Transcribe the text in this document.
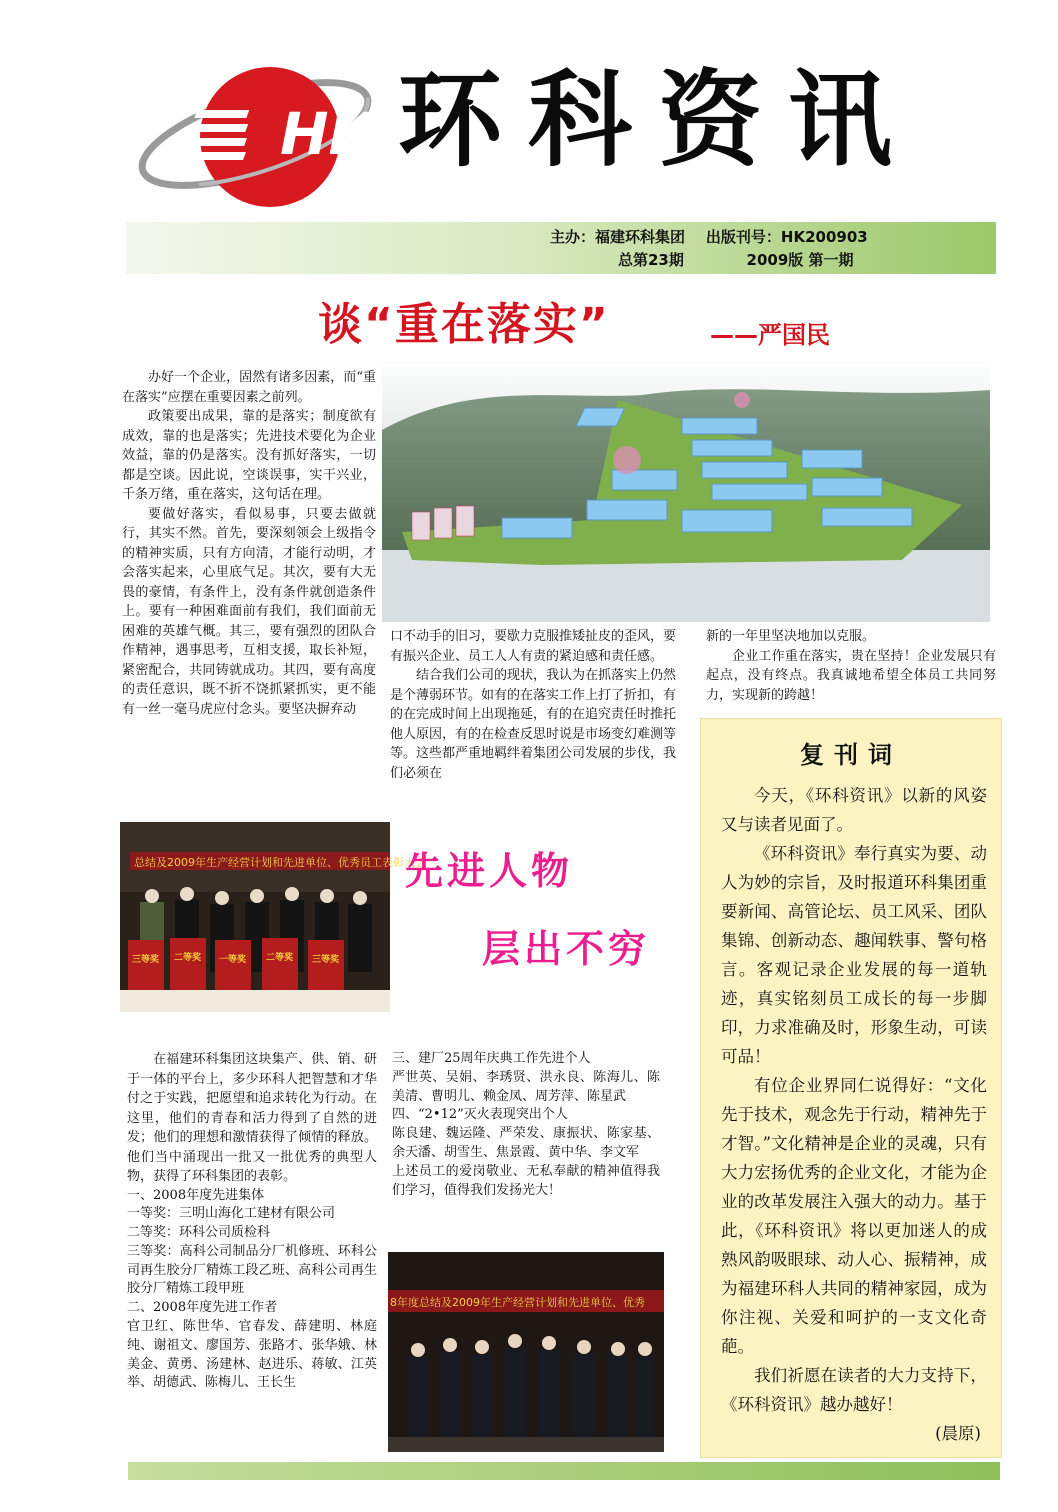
HK 环科资讯
主办：福建环科集团    出版刊号：HK200903
总第23期            2009版 第一期
谈“重在落实”	——严国民

办好一个企业，固然有诸多因素，而“重在落实”应摆在重要因素之前列。

政策要出成果，靠的是落实；制度欲有成效，靠的也是落实；先进技术要化为企业效益，靠的仍是落实。没有抓好落实，一切都是空谈。因此说，空谈误事，实干兴业，千条万绪，重在落实，这句话在理。

要做好落实，看似易事，只要去做就行，其实不然。首先，要深刻领会上级指令的精神实质，只有方向清，才能行动明，才会落实起来，心里底气足。其次，要有大无畏的豪情，有条件上，没有条件就创造条件上。要有一种困难面前有我们，我们面前无困难的英雄气概。其三，要有强烈的团队合作精神，遇事思考，互相支援，取长补短，紧密配合，共同铸就成功。其四，要有高度的责任意识，既不折不饶抓紧抓实，更不能有一丝一毫马虎应付念头。要坚决摒弃动

口不动手的旧习，要歇力克服推矮扯皮的歪风，要有振兴企业、员工人人有责的紧迫感和责任感。

结合我们公司的现状，我认为在抓落实上仍然是个薄弱环节。如有的在落实工作上打了折扣，有的在完成时间上出现拖延，有的在追究责任时推托他人原因，有的在检查反思时说是市场变幻难测等等。这些都严重地羁绊着集团公司发展的步伐，我们必须在

新的一年里坚决地加以克服。

企业工作重在落实，贵在坚持！企业发展只有起点，没有终点。我真诚地希望全体员工共同努力，实现新的跨越！

复刊词

今天，《环科资讯》以新的风姿又与读者见面了。

《环科资讯》奉行真实为要、动人为妙的宗旨，及时报道环科集团重要新闻、高管论坛、员工风采、团队集锦、创新动态、趣闻轶事、警句格言。客观记录企业发展的每一道轨迹，真实铭刻员工成长的每一步脚印，力求准确及时，形象生动，可读可品！

有位企业界同仁说得好：“文化先于技术，观念先于行动，精神先于才智。”文化精神是企业的灵魂，只有大力宏扬优秀的企业文化，才能为企业的改革发展注入强大的动力。基于此，《环科资讯》将以更加迷人的成熟风韵吸眼球、动人心、振精神，成为福建环科人共同的精神家园，成为你注视、关爱和呵护的一支文化奇葩。

我们祈愿在读者的大力支持下，《环科资讯》越办越好！

(晨原)
总结及2009年生产经营计划和先进单位、优秀员工表彰大会
三等奖 二等奖 一等奖 二等奖 三等奖
先进人物
层出不穷

在福建环科集团这块集产、供、销、研于一体的平台上，多少环科人把智慧和才华付之于实践，把愿望和追求转化为行动。在这里，他们的青春和活力得到了自然的迸发；他们的理想和激情获得了倾情的释放。他们当中涌现出一批又一批优秀的典型人物，获得了环科集团的表彰。

一、2008年度先进集体
一等奖：三明山海化工建材有限公司
二等奖：环科公司质检科
三等奖：高科公司制品分厂机修班、环科公司再生胶分厂精炼工段乙班、高科公司再生胶分厂精炼工段甲班
二、2008年度先进工作者
官卫红、陈世华、官春发、薛建明、林庭纯、谢祖文、廖国芳、张路才、张华娥、林美金、黄勇、汤建林、赵进乐、蒋敏、江英举、胡德武、陈梅儿、王长生
三、建厂25周年庆典工作先进个人
严世英、吴娟、李琇贤、洪永良、陈海儿、陈美清、曹明儿、赖金凤、周芳萍、陈星武
四、“2•12”灭火表现突出个人
陈良建、魏运隆、严荣发、康振状、陈家基、余天潘、胡雪生、焦景霞、黄中华、李文军
上述员工的爱岗敬业、无私奉献的精神值得我们学习，值得我们发扬光大！
8年度总结及2009年生产经营计划和先进单位、优秀
